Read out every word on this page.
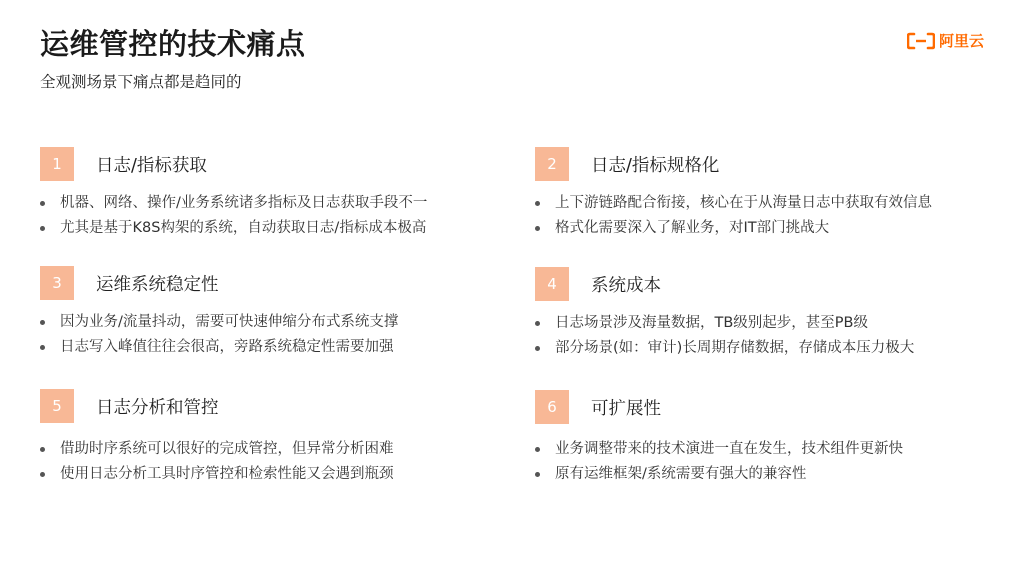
运维管控的技术痛点
全观测场景下痛点都是趋同的
阿里云
1	日志/指标获取
机器、网络、操作/业务系统诸多指标及日志获取手段不一
尤其是基于K8S构架的系统，自动获取日志/指标成本极高
2	日志/指标规格化
上下游链路配合衔接，核心在于从海量日志中获取有效信息
格式化需要深入了解业务，对IT部门挑战大
3	运维系统稳定性
因为业务/流量抖动，需要可快速伸缩分布式系统支撑
日志写入峰值往往会很高，旁路系统稳定性需要加强
4	系统成本
日志场景涉及海量数据，TB级别起步，甚至PB级
部分场景(如：审计)长周期存储数据，存储成本压力极大
5	日志分析和管控
借助时序系统可以很好的完成管控，但异常分析困难
使用日志分析工具时序管控和检索性能又会遇到瓶颈
6	可扩展性
业务调整带来的技术演进一直在发生，技术组件更新快
原有运维框架/系统需要有强大的兼容性
